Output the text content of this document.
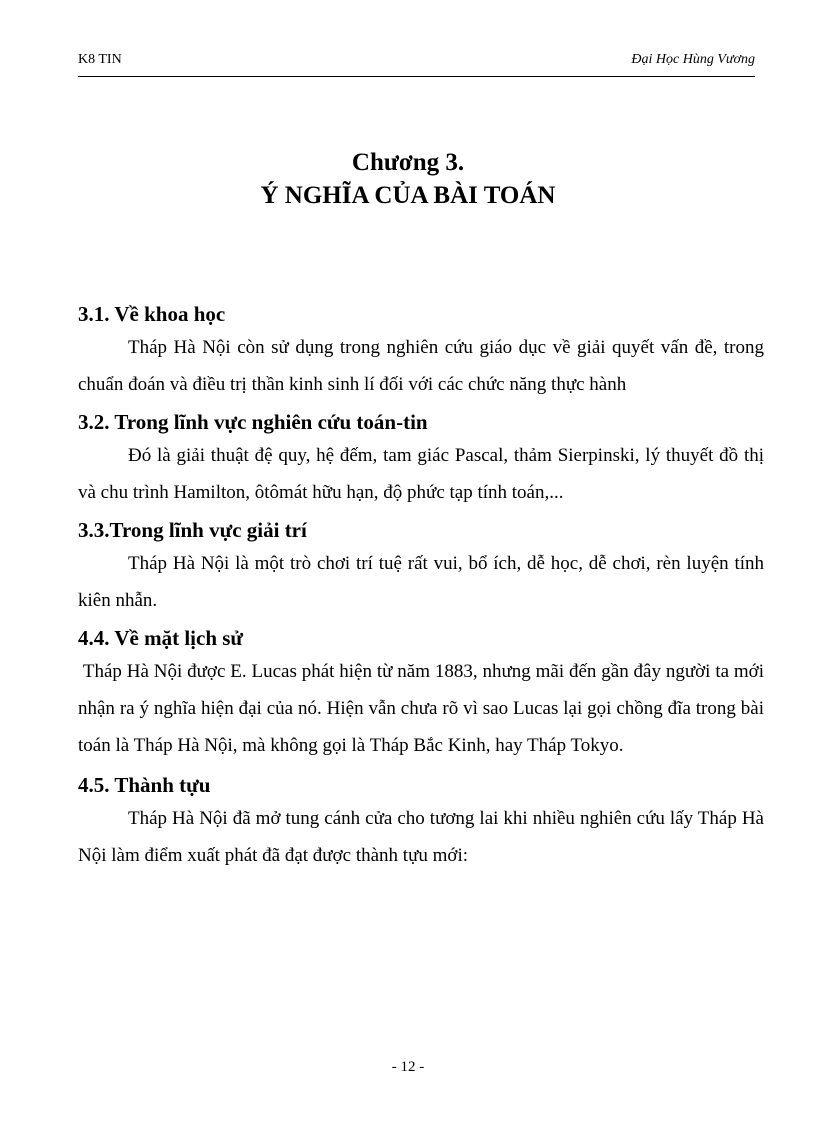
K8 TIN	Đại Học Hùng Vương
Chương 3.
Ý NGHĨA CỦA BÀI TOÁN
3.1. Về khoa học

Tháp Hà Nội còn sử dụng trong nghiên cứu giáo dục về giải quyết vấn đề, trong chuẩn đoán và điều trị thần kinh sinh lí đối với các chức năng thực hành

3.2. Trong lĩnh vực nghiên cứu toán-tin

Đó là giải thuật đệ quy, hệ đếm, tam giác Pascal, thảm Sierpinski, lý thuyết đồ thị và chu trình Hamilton, ôtômát hữu hạn, độ phức tạp tính toán,...

3.3.Trong lĩnh vực giải trí

Tháp Hà Nội là một trò chơi trí tuệ rất vui, bổ ích, dễ học, dễ chơi, rèn luyện tính kiên nhẫn.

4.4. Về mặt lịch sử

Tháp Hà Nội được E. Lucas phát hiện từ năm 1883, nhưng mãi đến gần đây người ta mới nhận ra ý nghĩa hiện đại của nó. Hiện vẫn chưa rõ vì sao Lucas lại gọi chồng đĩa trong bài toán là Tháp Hà Nội, mà không gọi là Tháp Bắc Kinh, hay Tháp Tokyo.

4.5. Thành tựu

Tháp Hà Nội đã mở tung cánh cửa cho tương lai khi nhiều nghiên cứu lấy Tháp Hà Nội làm điểm xuất phát đã đạt được thành tựu mới:

- 12 -
